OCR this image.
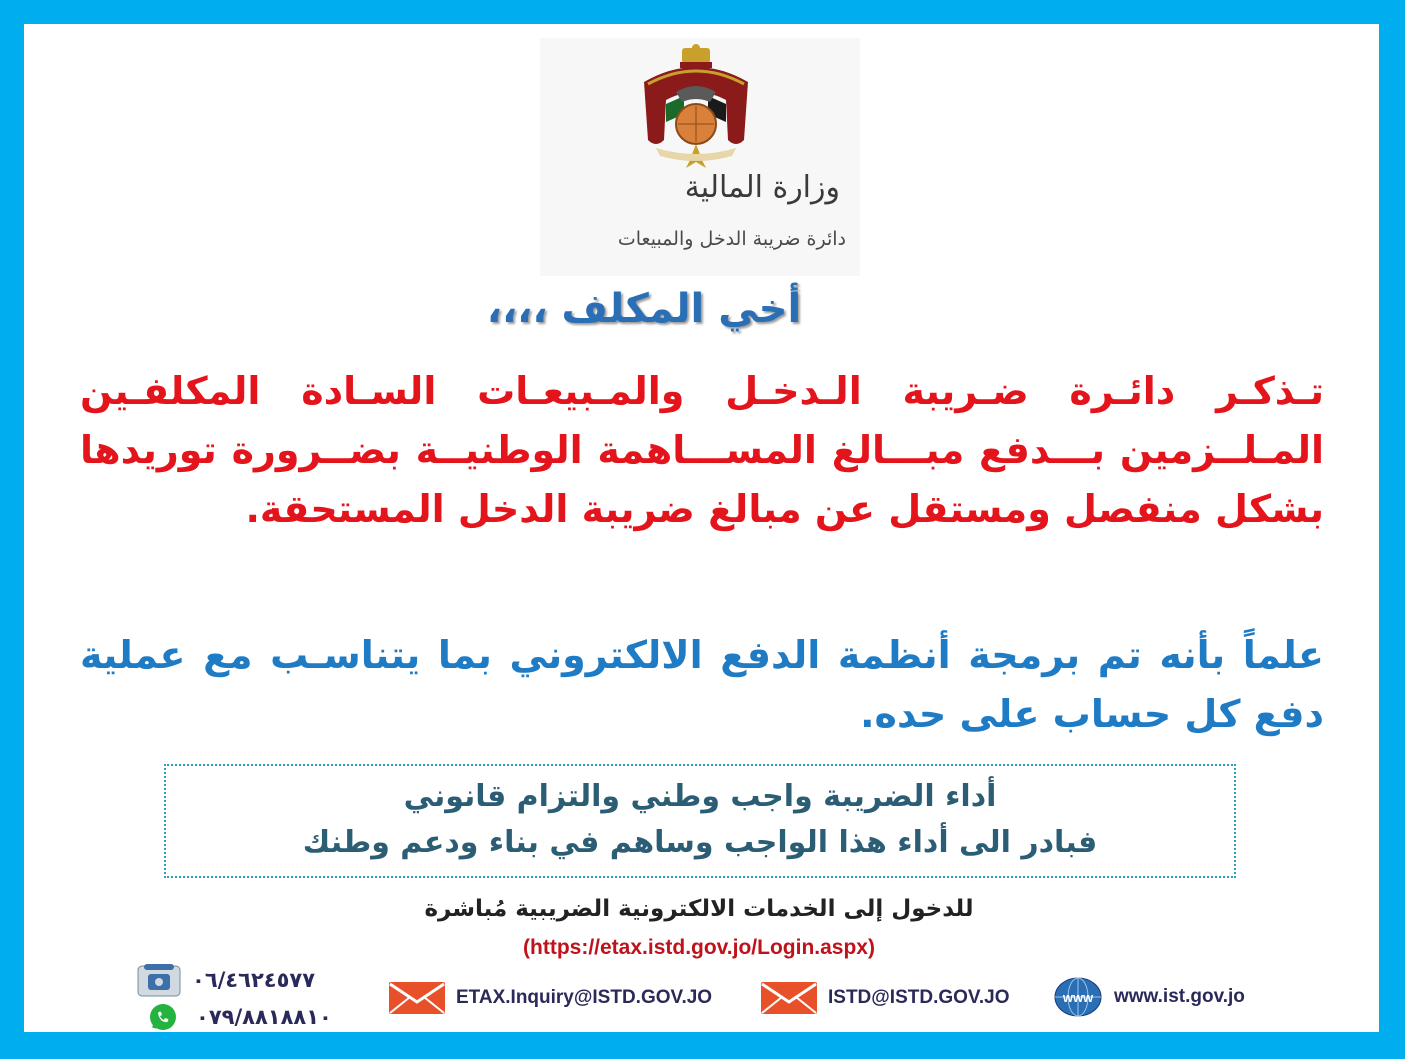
وزارة المالية

دائرة ضريبة الدخل والمبيعات

أخي المكلف ،،،،

تـذكـر دائـرة ضـريبة الـدخـل والمـبيعـات السـادة المكلفـين المـلــزمين بـــدفع مبـــالغ المســـاهمة الوطنيــة بضــرورة توريدها بشكل منفصل ومستقل عن مبالغ ضريبة الدخل المستحقة.

علماً بأنه تم برمجة أنظمة الدفع الالكتروني بما يتناسـب مع عملية دفع كل حساب على حده.

أداء الضريبة واجب وطني والتزام قانوني
فبادر الى أداء هذا الواجب وساهم في بناء ودعم وطنك

للدخول إلى الخدمات الالكترونية الضريبية مُباشرة

(https://etax.istd.gov.jo/Login.aspx)

٠٦/٤٦٢٤٥٧٧
٠٧٩/٨٨١٨٨١٠
ETAX.Inquiry@ISTD.GOV.JO	ISTD@ISTD.GOV.JO	www www.ist.gov.jo
